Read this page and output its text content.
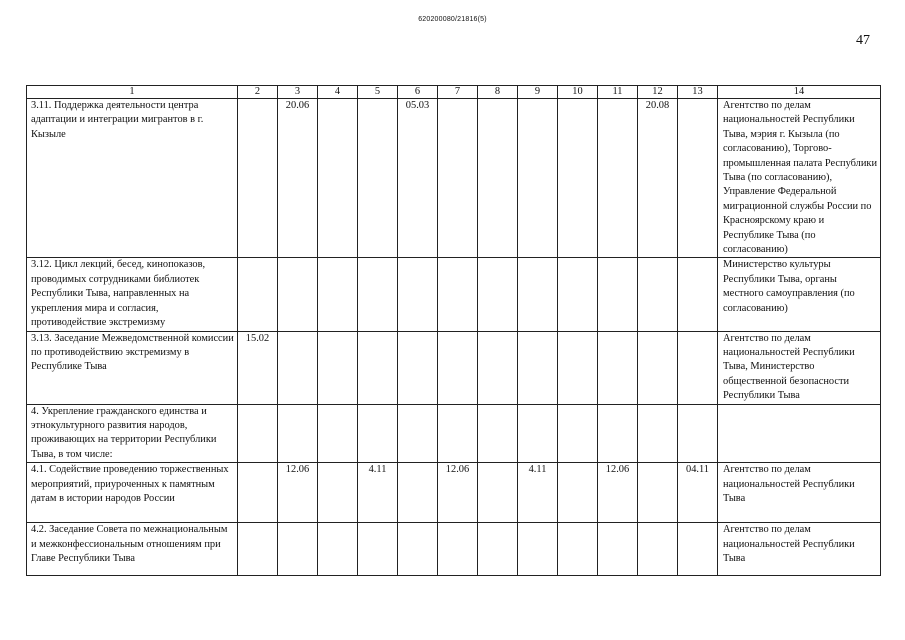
620200080/21816(5)
47
1	2	3	4	5	6	7	8	9	10	11	12	13	14
3.11. Поддержка деятельности центра адаптации и интеграции мигрантов в г. Кызыле		20.06			05.03						20.08		Агентство по делам национальностей Республики Тыва, мэрия г. Кызыла (по согласованию), Торгово-промышленная палата Республики Тыва (по согласованию), Управление Федеральной миграционной службы России по Красноярскому краю и Республике Тыва (по согласованию)
3.12. Цикл лекций, бесед, кинопоказов, проводимых сотрудниками библиотек Республики Тыва, направленных на укрепления мира и согласия, противодействие экстремизму													Министерство культуры Республики Тыва, органы местного самоуправления (по согласованию)
3.13. Заседание Межведомственной комиссии по противодействию экстремизму в Республике Тыва	15.02												Агентство по делам национальностей Республики Тыва, Министерство общественной безопасности Республики Тыва
4. Укрепление гражданского единства и этнокультурного развития народов, проживающих на территории Республики Тыва, в том числе:													
4.1. Содействие проведению торжественных мероприятий, приуроченных к памятным датам в истории народов России		12.06		4.11		12.06		4.11		12.06		04.11	Агентство по делам национальностей Республики Тыва
4.2. Заседание Совета по межнациональным и межконфессиональным отношениям при Главе Республики Тыва													Агентство по делам национальностей Республики Тыва
